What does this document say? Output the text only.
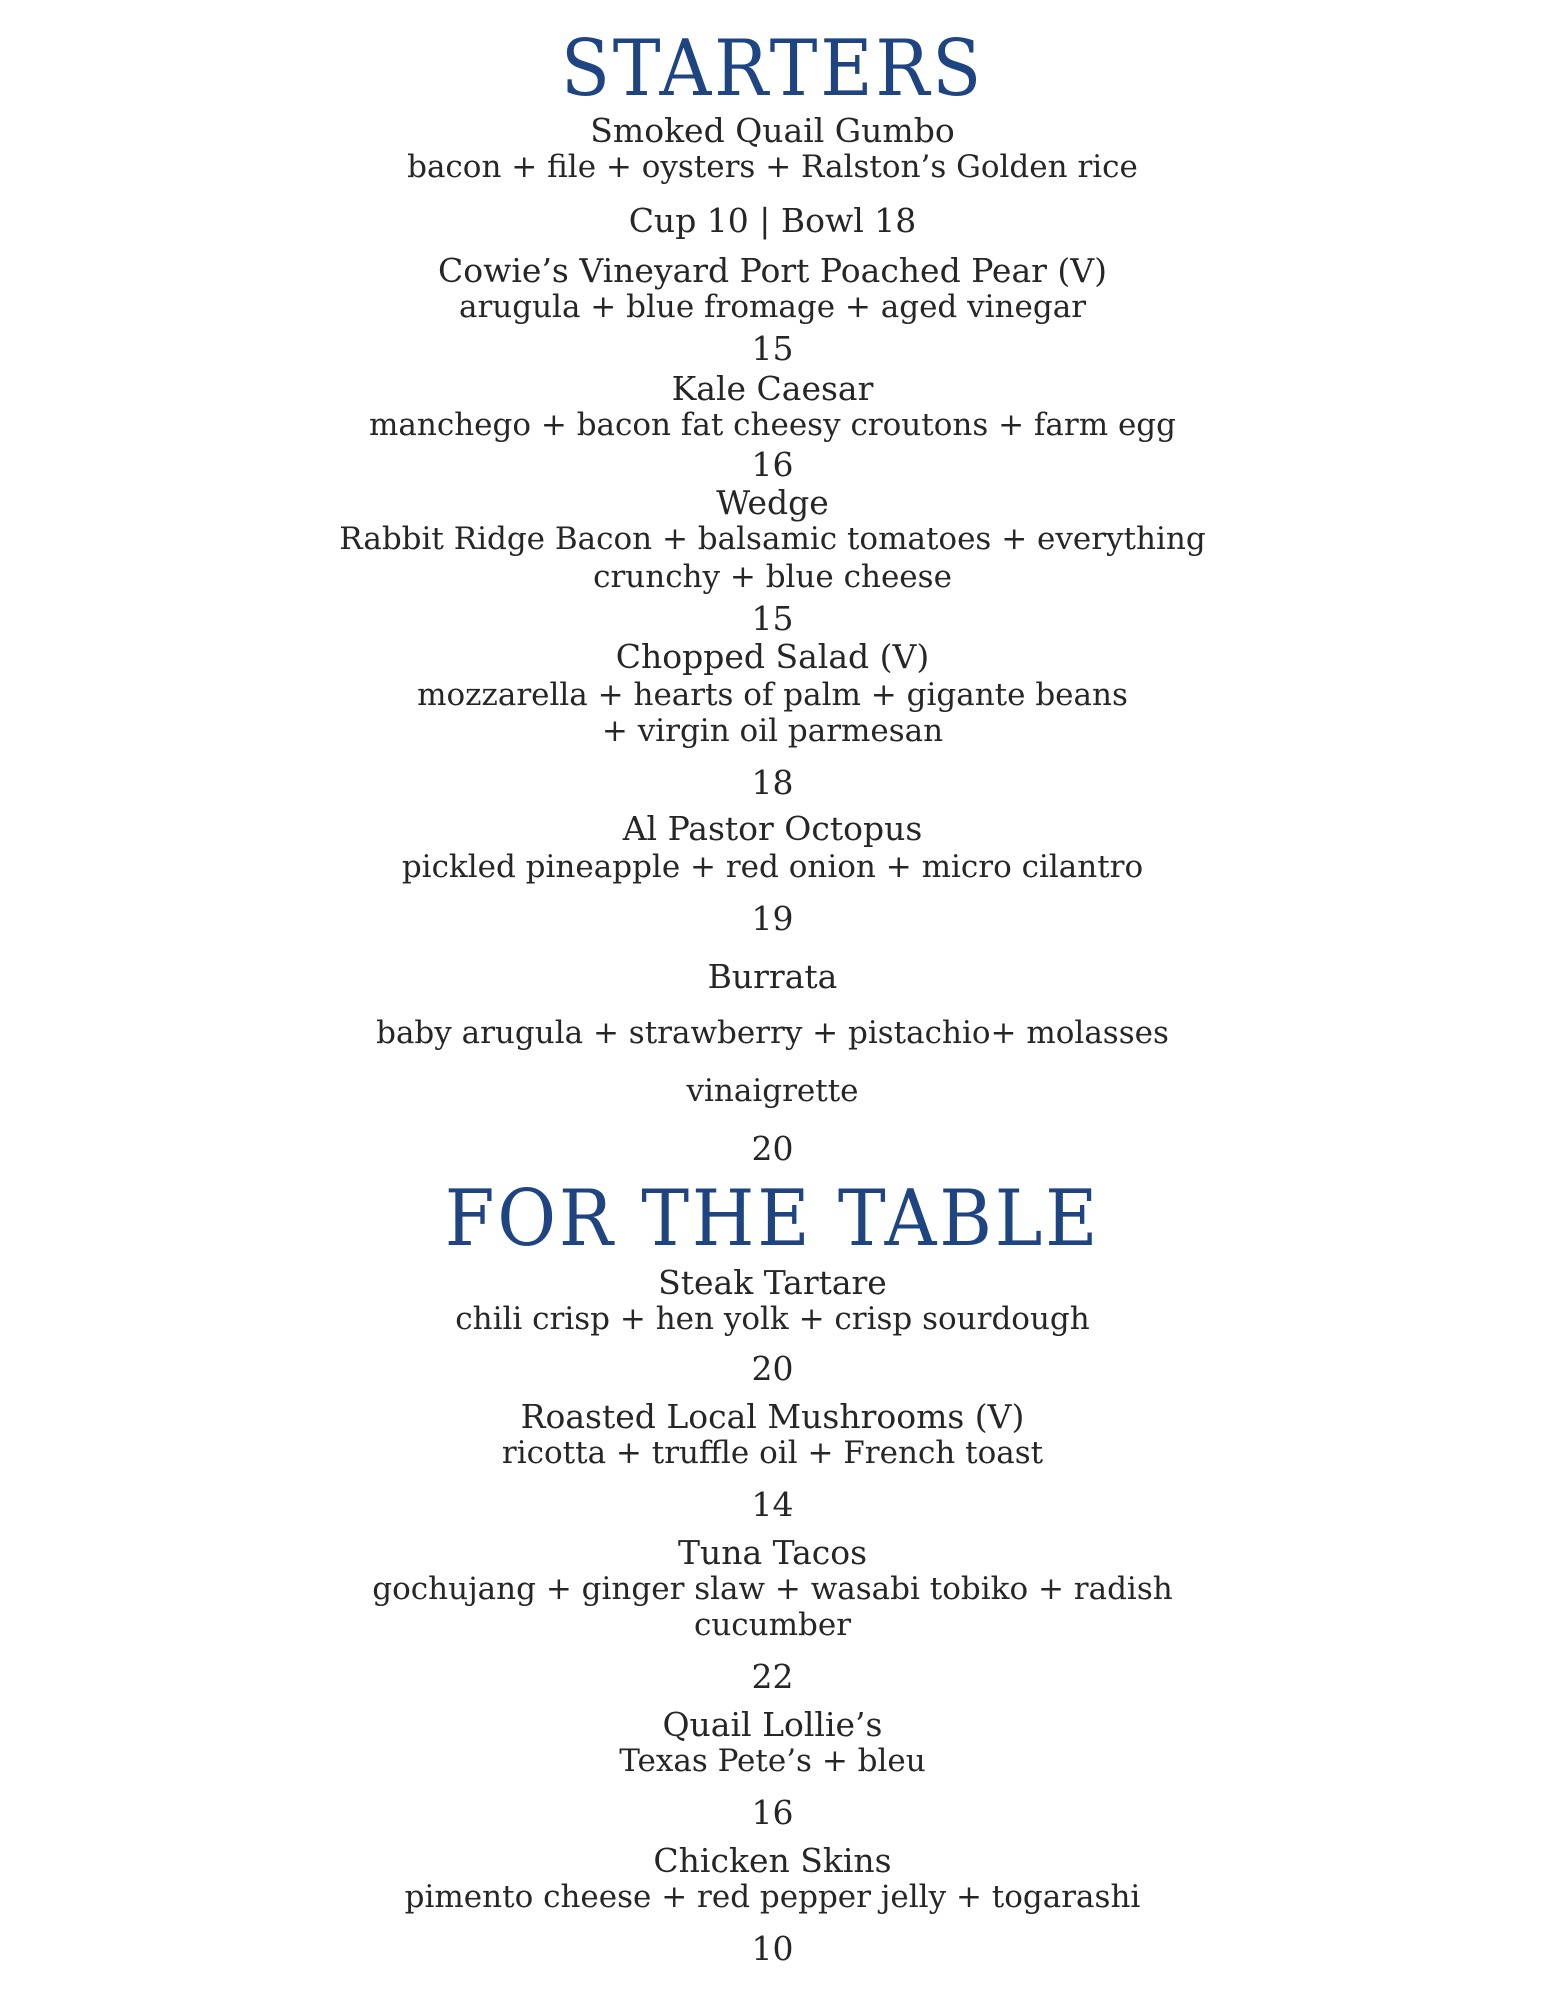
STARTERS
Smoked Quail Gumbo
bacon + file + oysters + Ralston’s Golden rice
Cup 10 | Bowl 18
Cowie’s Vineyard Port Poached Pear (V)
arugula + blue fromage + aged vinegar
15
Kale Caesar
manchego + bacon fat cheesy croutons + farm egg
16
Wedge
Rabbit Ridge Bacon + balsamic tomatoes + everything
crunchy + blue cheese
15
Chopped Salad (V)
mozzarella + hearts of palm + gigante beans
+ virgin oil parmesan
18
Al Pastor Octopus
pickled pineapple + red onion + micro cilantro
19
Burrata
baby arugula + strawberry + pistachio+ molasses
vinaigrette
20
FOR THE TABLE
Steak Tartare
chili crisp + hen yolk + crisp sourdough
20
Roasted Local Mushrooms (V)
ricotta + truffle oil + French toast
14
Tuna Tacos
gochujang + ginger slaw + wasabi tobiko + radish
cucumber
22
Quail Lollie’s
Texas Pete’s + bleu
16
Chicken Skins
pimento cheese + red pepper jelly + togarashi
10
